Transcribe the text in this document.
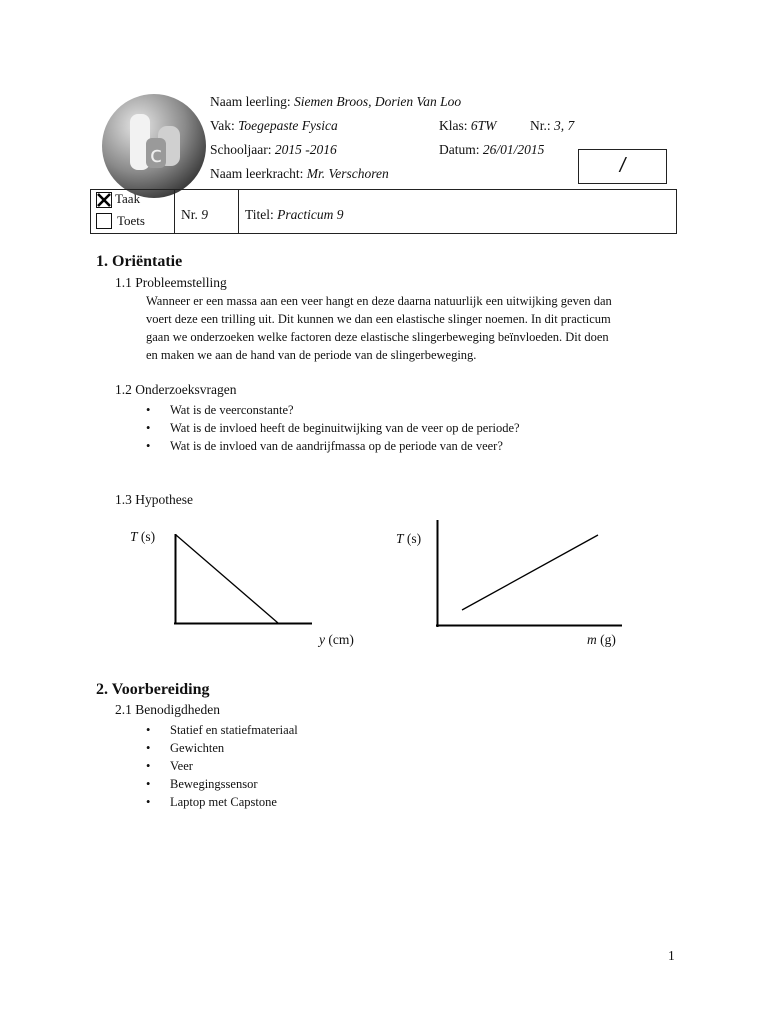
c
Naam leerling: Siemen Broos, Dorien Van Loo
Vak: Toegepaste Fysica	Klas: 6TW Nr.: 3, 7
Schooljaar: 2015 -2016	Datum: 26/01/2015
Naam leerkracht: Mr. Verschoren	/
Taak
Toets	Nr. 9	Titel: Practicum 9
1. Oriëntatie
1.1 Probleemstelling
Wanneer er een massa aan een veer hangt en deze daarna natuurlijk een uitwijking geven dan
voert deze een trilling uit. Dit kunnen we dan een elastische slinger noemen. In dit practicum
gaan we onderzoeken welke factoren deze elastische slingerbeweging beïnvloeden. Dit doen
en maken we aan de hand van de periode van de slingerbeweging.
1.2 Onderzoeksvragen
• Wat is de veerconstante?
• Wat is de invloed heeft de beginuitwijking van de veer op de periode?
• Wat is de invloed van de aandrijfmassa op de periode van de veer?
1.3 Hypothese
T (s)
y (cm)
T (s)
m (g)
2. Voorbereiding
2.1 Benodigdheden
• Statief en statiefmateriaal
• Gewichten
• Veer
• Bewegingssensor
• Laptop met Capstone
1
